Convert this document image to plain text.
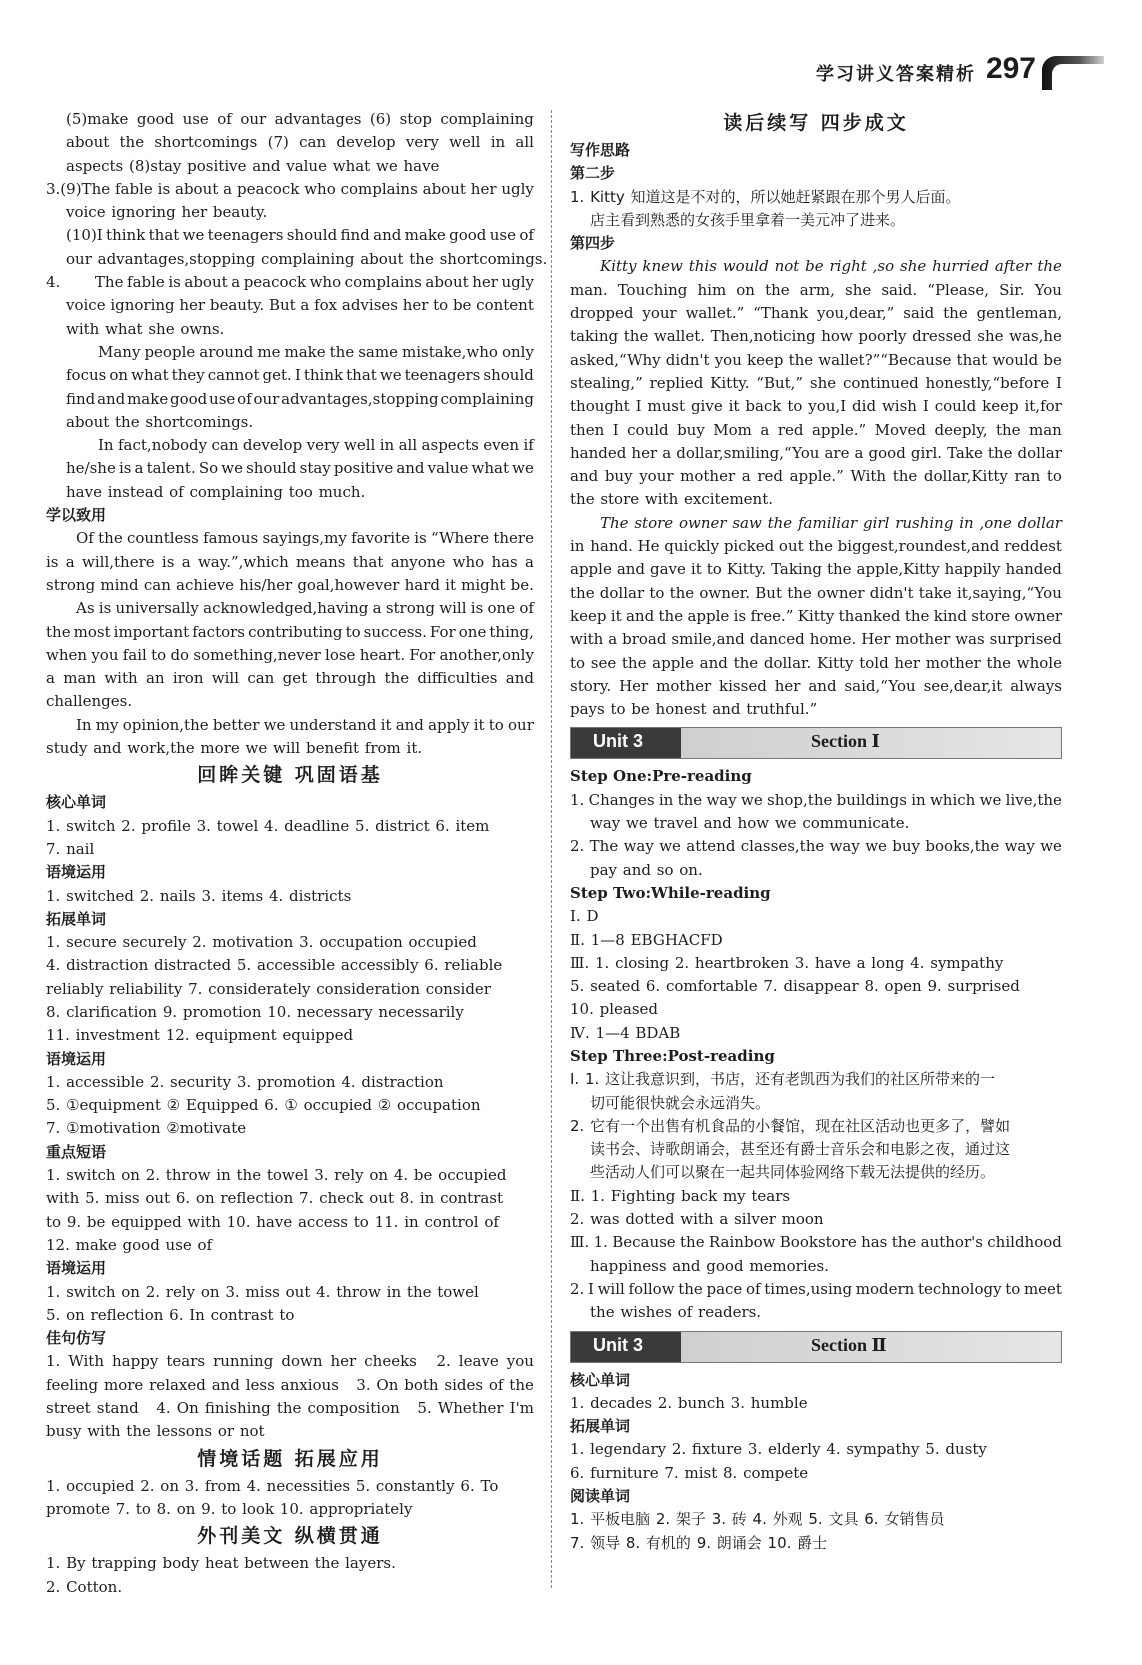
学习讲义答案精析 297
(5)make good use of our advantages (6) stop complaining
about the shortcomings (7) can develop very well in all
aspects (8)stay positive and value what we have
3.(9)The fable is about a peacock who complains about her ugly
voice ignoring her beauty.
(10)I think that we teenagers should find and make good use of
our advantages,stopping complaining about the shortcomings.
4.      The fable is about a peacock who complains about her ugly
voice ignoring her beauty. But a fox advises her to be content
with what she owns.
Many people around me make the same mistake,who only
focus on what they cannot get. I think that we teenagers should
find and make good use of our advantages,stopping complaining
about the shortcomings.
In fact,nobody can develop very well in all aspects even if
he/she is a talent. So we should stay positive and value what we
have instead of complaining too much.
学以致用
Of the countless famous sayings,my favorite is “Where there
is a will,there is a way.”,which means that anyone who has a
strong mind can achieve his/her goal,however hard it might be.
As is universally acknowledged,having a strong will is one of
the most important factors contributing to success. For one thing,
when you fail to do something,never lose heart. For another,only
a man with an iron will can get through the difficulties and
challenges.
In my opinion,the better we understand it and apply it to our
study and work,the more we will benefit from it.
回眸关键 巩固语基
核心单词
1. switch 2. profile 3. towel 4. deadline 5. district 6. item
7. nail
语境运用
1. switched 2. nails 3. items 4. districts
拓展单词
1. secure securely 2. motivation 3. occupation occupied
4. distraction distracted 5. accessible accessibly 6. reliable
reliably reliability 7. considerately consideration consider
8. clarification 9. promotion 10. necessary necessarily
11. investment 12. equipment equipped
语境运用
1. accessible 2. security 3. promotion 4. distraction
5. ①equipment ② Equipped 6. ① occupied ② occupation
7. ①motivation ②motivate
重点短语
1. switch on 2. throw in the towel 3. rely on 4. be occupied
with 5. miss out 6. on reflection 7. check out 8. in contrast
to 9. be equipped with 10. have access to 11. in control of
12. make good use of
语境运用
1. switch on 2. rely on 3. miss out 4. throw in the towel
5. on reflection 6. In contrast to
佳句仿写
1. With happy tears running down her cheeks 2. leave you
feeling more relaxed and less anxious 3. On both sides of the
street stand 4. On finishing the composition 5. Whether I'm
busy with the lessons or not
情境话题 拓展应用
1. occupied 2. on 3. from 4. necessities 5. constantly 6. To
promote 7. to 8. on 9. to look 10. appropriately
外刊美文 纵横贯通
1. By trapping body heat between the layers.
2. Cotton.
读后续写 四步成文
写作思路
第二步
1. Kitty 知道这是不对的，所以她赶紧跟在那个男人后面。
店主看到熟悉的女孩手里拿着一美元冲了进来。
第四步
Kitty knew this would not be right ,so she hurried after the
man. Touching him on the arm, she said. “Please, Sir. You
dropped your wallet.” “Thank you,dear,” said the gentleman,
taking the wallet. Then,noticing how poorly dressed she was,he
asked,“Why didn't you keep the wallet?”“Because that would be
stealing,” replied Kitty. “But,” she continued honestly,“before I
thought I must give it back to you,I did wish I could keep it,for
then I could buy Mom a red apple.” Moved deeply, the man
handed her a dollar,smiling,“You are a good girl. Take the dollar
and buy your mother a red apple.” With the dollar,Kitty ran to
the store with excitement.
The store owner saw the familiar girl rushing in ,one dollar
in hand. He quickly picked out the biggest,roundest,and reddest
apple and gave it to Kitty. Taking the apple,Kitty happily handed
the dollar to the owner. But the owner didn't take it,saying,“You
keep it and the apple is free.” Kitty thanked the kind store owner
with a broad smile,and danced home. Her mother was surprised
to see the apple and the dollar. Kitty told her mother the whole
story. Her mother kissed her and said,“You see,dear,it always
pays to be honest and truthful.”
Unit 3	Section Ⅰ
Step One:Pre-reading
1. Changes in the way we shop,the buildings in which we live,the
way we travel and how we communicate.
2. The way we attend classes,the way we buy books,the way we
pay and so on.
Step Two:While-reading
Ⅰ. D
Ⅱ. 1—8 EBGHACFD
Ⅲ. 1. closing 2. heartbroken 3. have a long 4. sympathy
5. seated 6. comfortable 7. disappear 8. open 9. surprised
10. pleased
Ⅳ. 1—4 BDAB
Step Three:Post-reading
Ⅰ. 1. 这让我意识到，书店，还有老凯西为我们的社区所带来的一
切可能很快就会永远消失。
2. 它有一个出售有机食品的小餐馆，现在社区活动也更多了，譬如
读书会、诗歌朗诵会，甚至还有爵士音乐会和电影之夜，通过这
些活动人们可以聚在一起共同体验网络下载无法提供的经历。
Ⅱ. 1. Fighting back my tears
2. was dotted with a silver moon
Ⅲ. 1. Because the Rainbow Bookstore has the author's childhood
happiness and good memories.
2. I will follow the pace of times,using modern technology to meet
the wishes of readers.
Unit 3	Section Ⅱ
核心单词
1. decades 2. bunch 3. humble
拓展单词
1. legendary 2. fixture 3. elderly 4. sympathy 5. dusty
6. furniture 7. mist 8. compete
阅读单词
1. 平板电脑 2. 架子 3. 砖 4. 外观 5. 文具 6. 女销售员
7. 领导 8. 有机的 9. 朗诵会 10. 爵士
